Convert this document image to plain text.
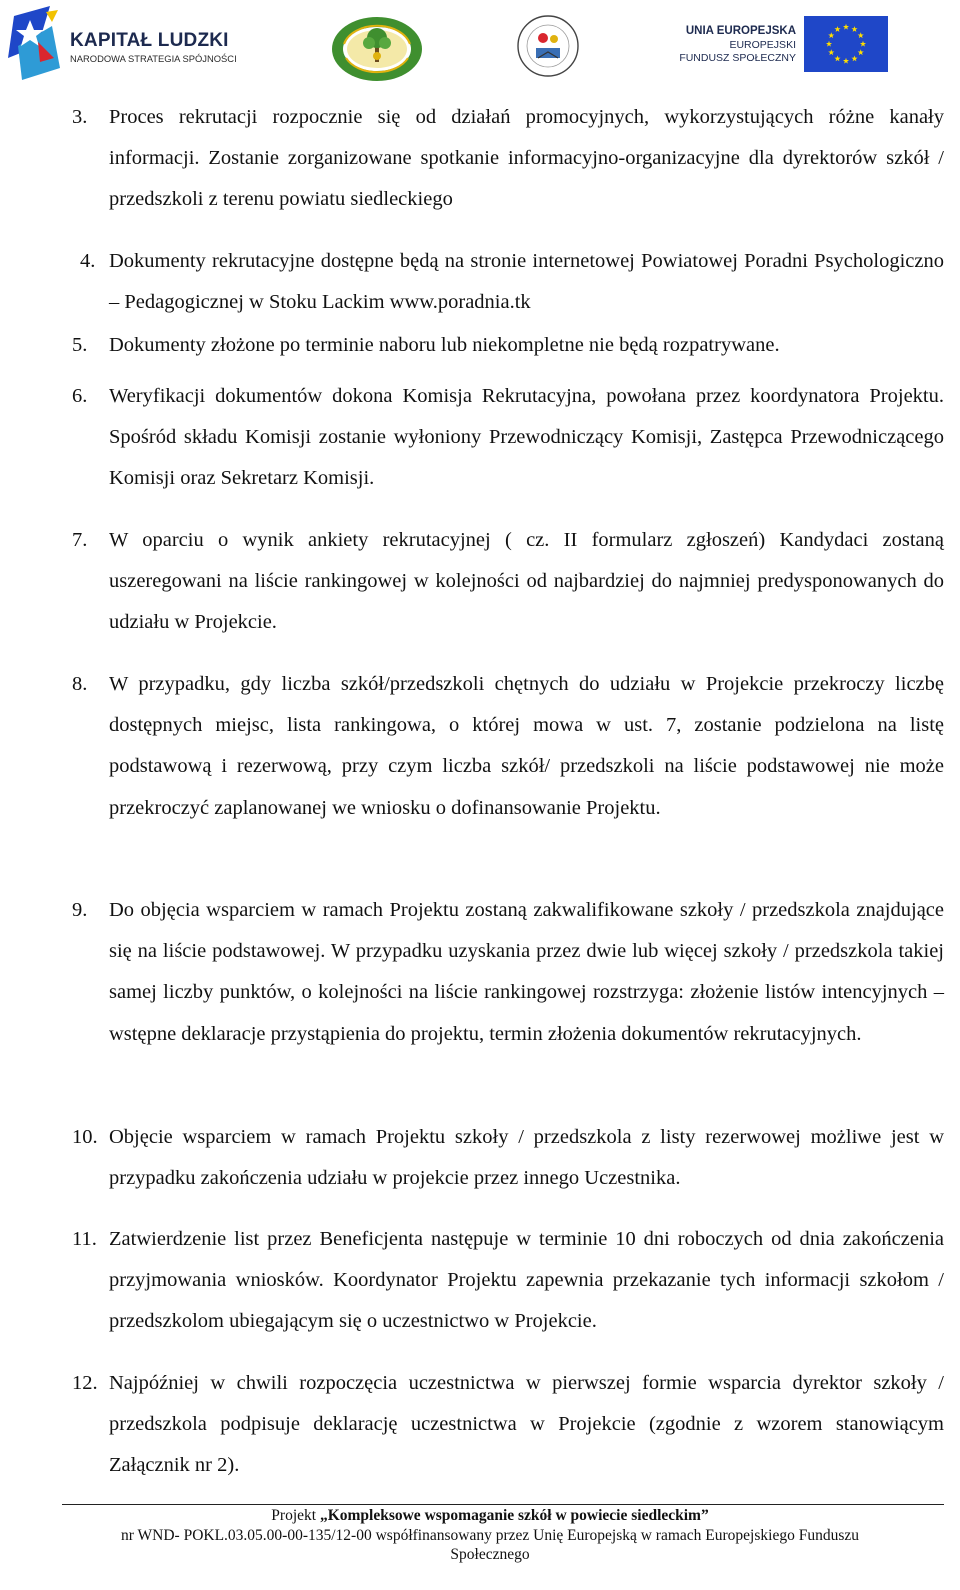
KAPITAŁ LUDZKI
NARODOWA STRATEGIA SPÓJNOŚCI
UNIA EUROPEJSKA
EUROPEJSKI
FUNDUSZ SPOŁECZNY
3.	Proces rekrutacji rozpocznie się od działań promocyjnych, wykorzystujących różne kanały informacji. Zostanie zorganizowane spotkanie informacyjno-organizacyjne dla dyrektorów szkół / przedszkoli z terenu powiatu siedleckiego
4. Dokumenty rekrutacyjne dostępne będą na stronie internetowej Powiatowej Poradni Psychologiczno – Pedagogicznej w Stoku Lackim www.poradnia.tk
5.	Dokumenty złożone po terminie naboru lub niekompletne nie będą rozpatrywane.
6.	Weryfikacji dokumentów dokona Komisja Rekrutacyjna, powołana przez koordynatora Projektu. Spośród składu Komisji zostanie wyłoniony Przewodniczący Komisji, Zastępca Przewodniczącego Komisji oraz Sekretarz Komisji.
7.	W oparciu o wynik ankiety rekrutacyjnej ( cz. II formularz zgłoszeń) Kandydaci zostaną uszeregowani na liście rankingowej w kolejności od najbardziej do najmniej predysponowanych do udziału w Projekcie.
8.	W przypadku, gdy liczba szkół/przedszkoli chętnych do udziału w Projekcie przekroczy liczbę dostępnych miejsc, lista rankingowa, o której mowa w ust. 7, zostanie podzielona na listę podstawową i rezerwową, przy czym liczba szkół/ przedszkoli na liście podstawowej nie może przekroczyć zaplanowanej we wniosku o dofinansowanie Projektu.
9.	Do objęcia wsparciem w ramach Projektu zostaną zakwalifikowane szkoły / przedszkola znajdujące się na liście podstawowej. W przypadku uzyskania przez dwie lub więcej szkoły / przedszkola takiej samej liczby punktów, o kolejności na liście rankingowej rozstrzyga: złożenie listów intencyjnych – wstępne deklaracje przystąpienia do projektu, termin złożenia dokumentów rekrutacyjnych.
10. Objęcie wsparciem w ramach Projektu szkoły / przedszkola z listy rezerwowej możliwe jest w przypadku zakończenia udziału w projekcie przez innego Uczestnika.
11. Zatwierdzenie list przez Beneficjenta następuje w terminie 10 dni roboczych od dnia zakończenia przyjmowania wniosków. Koordynator Projektu zapewnia przekazanie tych informacji szkołom / przedszkolom ubiegającym się o uczestnictwo w Projekcie.
12. Najpóźniej w chwili rozpoczęcia uczestnictwa w pierwszej formie wsparcia dyrektor szkoły / przedszkola podpisuje deklarację uczestnictwa w Projekcie (zgodnie z wzorem stanowiącym Załącznik nr 2).
Projekt „Kompleksowe wspomaganie szkół w powiecie siedleckim”
nr WND- POKL.03.05.00-00-135/12-00 współfinansowany przez Unię Europejską w ramach Europejskiego Funduszu
Społecznego
